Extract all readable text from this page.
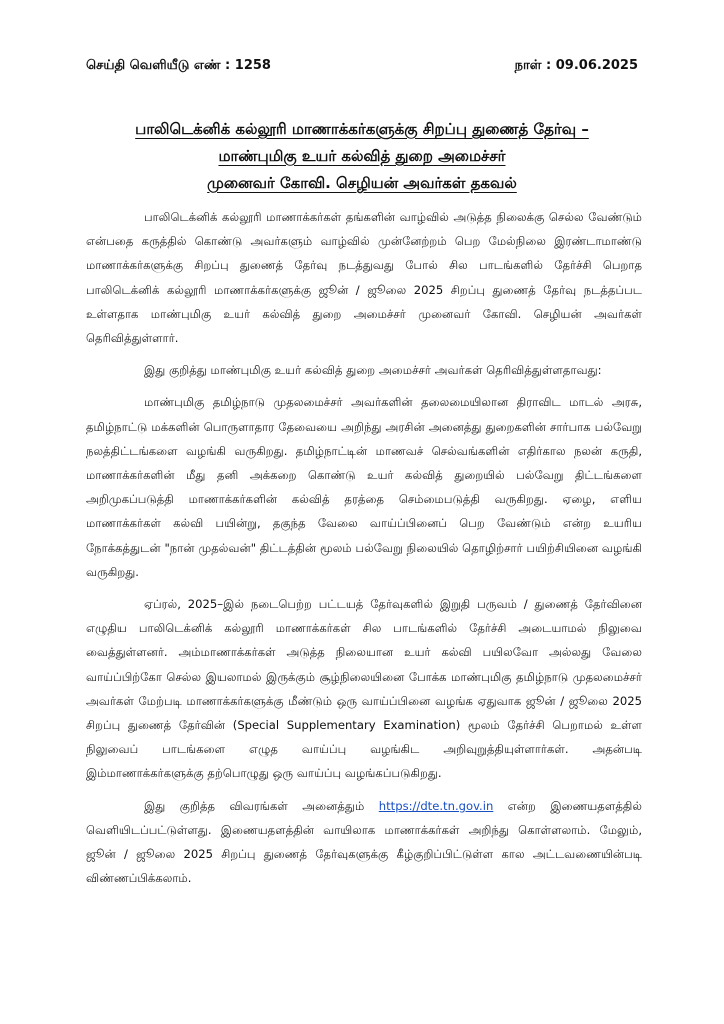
செய்தி வெளியீடு எண் : 1258	நாள் : 09.06.2025
பாலிடெக்னிக் கல்லூரி மாணாக்கர்களுக்கு சிறப்பு துணைத் தேர்வு –
மாண்புமிகு உயர் கல்வித் துறை அமைச்சர்
முனைவர் கோவி. செழியன் அவர்கள் தகவல்

பாலிடெக்னிக் கல்லூரி மாணாக்கர்கள் தங்களின் வாழ்வில் அடுத்த நிலைக்கு செல்ல வேண்டும் என்பதை கருத்தில் கொண்டு அவர்களும் வாழ்வில் முன்னேற்றம் பெற மேல்நிலை இரண்டாமாண்டு மாணாக்கர்களுக்கு சிறப்பு துணைத் தேர்வு நடத்துவது போல் சில பாடங்களில் தேர்ச்சி பெறாத பாலிடெக்னிக் கல்லூரி மாணாக்கர்களுக்கு ஜூன் / ஜூலை 2025 சிறப்பு துணைத் தேர்வு நடத்தப்பட உள்ளதாக மாண்புமிகு உயர் கல்வித் துறை அமைச்சர் முனைவர் கோவி. செழியன் அவர்கள் தெரிவித்துள்ளார்.

இது குறித்து மாண்புமிகு உயர் கல்வித் துறை அமைச்சர் அவர்கள் தெரிவித்துள்ளதாவது:

மாண்புமிகு தமிழ்நாடு முதலமைச்சர் அவர்களின் தலைமையிலான திராவிட மாடல் அரசு, தமிழ்நாட்டு மக்களின் பொருளாதார தேவையை அறிந்து அரசின் அனைத்து துறைகளின் சார்பாக பல்வேறு நலத்திட்டங்களை வழங்கி வருகிறது. தமிழ்நாட்டின் மாணவச் செல்வங்களின் எதிர்கால நலன் கருதி, மாணாக்கர்களின் மீது தனி அக்கறை கொண்டு உயர் கல்வித் துறையில் பல்வேறு திட்டங்களை அறிமுகப்படுத்தி மாணாக்கர்களின் கல்வித் தரத்தை செம்மைபடுத்தி வருகிறது. ஏழை, எளிய மாணாக்கர்கள் கல்வி பயின்று, தகுந்த வேலை வாய்ப்பினைப் பெற வேண்டும் என்ற உயரிய நோக்கத்துடன் "நான் முதல்வன்" திட்டத்தின் மூலம் பல்வேறு நிலையில் தொழிற்சார் பயிற்சியினை வழங்கி வருகிறது.

ஏப்ரல், 2025–இல் நடைபெற்ற பட்டயத் தேர்வுகளில் இறுதி பருவம் / துணைத் தேர்வினை எழுதிய பாலிடெக்னிக் கல்லூரி மாணாக்கர்கள் சில பாடங்களில் தேர்ச்சி அடையாமல் நிலுவை வைத்துள்ளனர். அம்மாணாக்கர்கள் அடுத்த நிலையான உயர் கல்வி பயிலவோ அல்லது வேலை வாய்ப்பிற்கோ செல்ல இயலாமல் இருக்கும் சூழ்நிலையினை போக்க மாண்புமிகு தமிழ்நாடு முதலமைச்சர் அவர்கள் மேற்படி மாணாக்கர்களுக்கு மீண்டும் ஒரு வாய்ப்பினை வழங்க ஏதுவாக ஜூன் / ஜூலை 2025 சிறப்பு துணைத் தேர்வின் (Special Supplementary Examination) மூலம் தேர்ச்சி பெறாமல் உள்ள நிலுவைப் பாடங்களை எழுத வாய்ப்பு வழங்கிட அறிவுறுத்தியுள்ளார்கள். அதன்படி இம்மாணாக்கர்களுக்கு தற்பொழுது ஒரு வாய்ப்பு வழங்கப்படுகிறது.

இது குறித்த விவரங்கள் அனைத்தும் https://dte.tn.gov.in என்ற இணையதளத்தில் வெளியிடப்பட்டுள்ளது. இணையதளத்தின் வாயிலாக மாணாக்கர்கள் அறிந்து கொள்ளலாம். மேலும், ஜூன் / ஜூலை 2025 சிறப்பு துணைத் தேர்வுகளுக்கு கீழ்குறிப்பிட்டுள்ள கால அட்டவணையின்படி விண்ணப்பிக்கலாம்.
